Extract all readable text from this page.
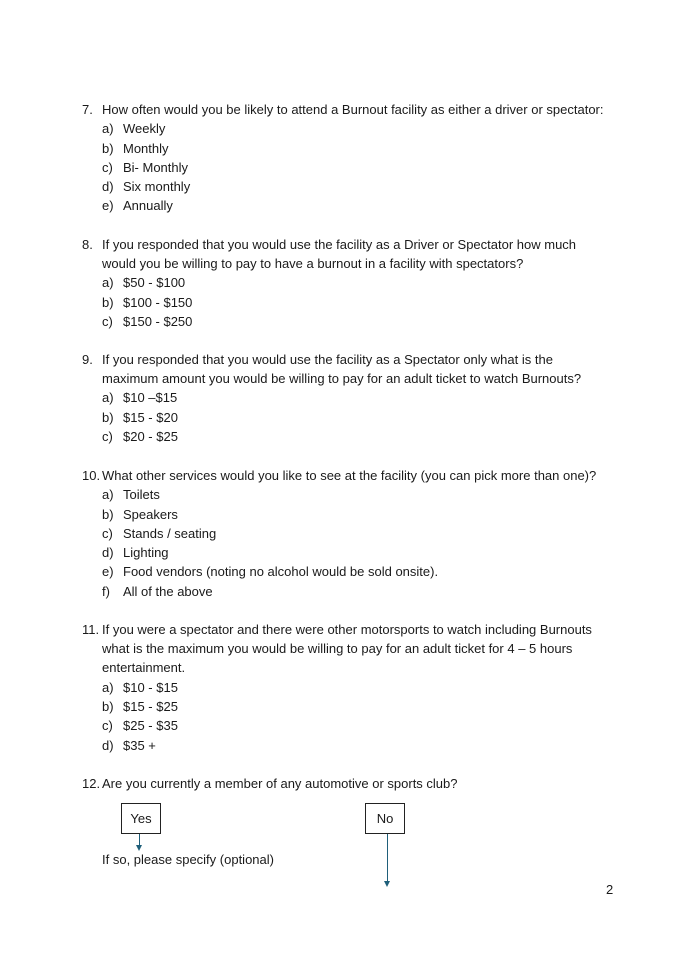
7. How often would you be likely to attend a Burnout facility as either a driver or spectator:
a) Weekly
b) Monthly
c) Bi- Monthly
d) Six monthly
e) Annually
8. If you responded that you would use the facility as a Driver or Spectator how much would you be willing to pay to have a burnout in a facility with spectators?
a) $50 - $100
b) $100 - $150
c) $150 - $250
9. If you responded that you would use the facility as a Spectator only what is the maximum amount you would be willing to pay for an adult ticket to watch Burnouts?
a) $10 –$15
b) $15 - $20
c) $20 - $25
10. What other services would you like to see at the facility (you can pick more than one)?
a) Toilets
b) Speakers
c) Stands / seating
d) Lighting
e) Food vendors (noting no alcohol would be sold onsite).
f) All of the above
11. If you were a spectator and there were other motorsports to watch including Burnouts what is the maximum you would be willing to pay for an adult ticket for 4 – 5 hours entertainment.
a) $10 - $15
b) $15 - $25
c) $25 - $35
d) $35 +
12. Are you currently a member of any automotive or sports club?
Yes	No
If so, please specify (optional)
2
